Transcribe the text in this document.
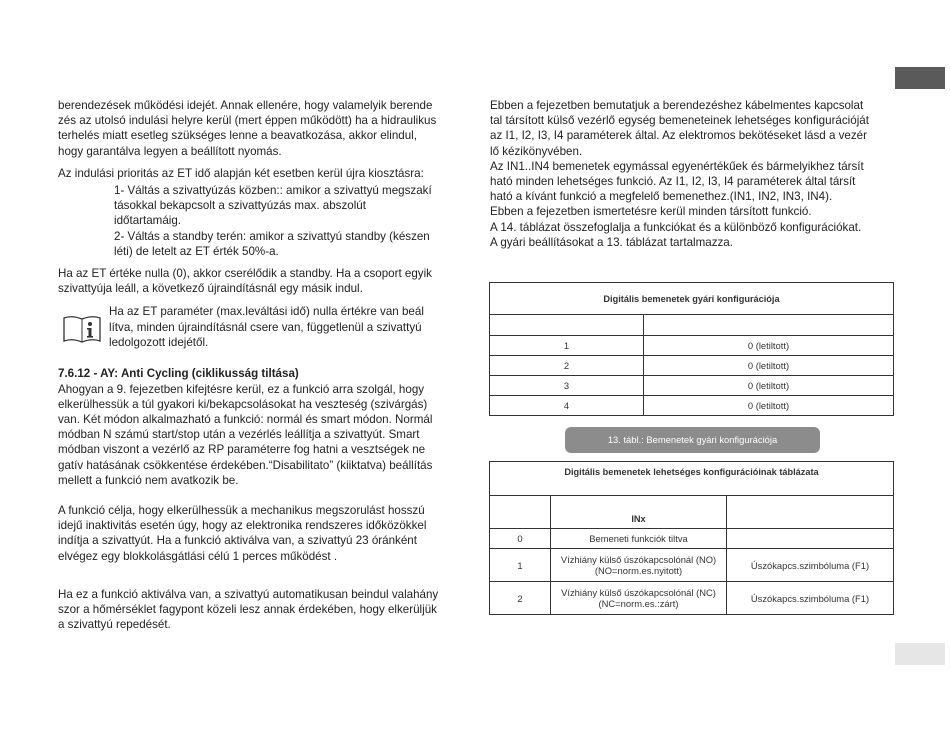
berendezések működési idejét. Annak ellenére, hogy valamelyik berende
zés az utolsó indulási helyre kerül (mert éppen működött) ha a hidraulikus
terhelés miatt esetleg szükséges lenne a beavatkozása, akkor elindul,
hogy garantálva legyen a beállított nyomás.

Az indulási prioritás az ET idő alapján két esetben kerül újra kiosztásra:

1- Váltás a szivattyúzás közben:: amikor a szivattyú megszakí
tásokkal bekapcsolt a szivattyúzás max. abszolút
időtartamáig.
2- Váltás a standby terén: amikor a szivattyú standby (készen
léti) de letelt az ET érték 50%-a.

Ha az ET értéke nulla (0), akkor cserélődik a standby. Ha a csoport egyik
szivattyúja leáll, a következő újraindításnál egy másik indul.

Ha az ET paraméter (max.leváltási idő) nulla értékre van beál
lítva, minden újraindításnál csere van, függetlenül a szivattyú
ledolgozott idejétől.

7.6.12 - AY: Anti Cycling (ciklikusság tiltása)

Ahogyan a 9. fejezetben kifejtésre kerül, ez a funkció arra szolgál, hogy
elkerülhessük a túl gyakori ki/bekapcsolásokat ha veszteség (szivárgás)
van. Két módon alkalmazható a funkció: normál és smart módon. Normál
módban N számú start/stop után a vezérlés leállítja a szivattyút. Smart
módban viszont a vezérlő az RP paraméterre fog hatni a vesztségek ne
gatív hatásának csökkentése érdekében.“Disabilitato” (kiiktatva) beállítás
mellett a funkció nem avatkozik be.

A funkció célja, hogy elkerülhessük a mechanikus megszorulást hosszú
idejű inaktivitás esetén úgy, hogy az elektronika rendszeres időközökkel
indítja a szivattyút. Ha a funkció aktiválva van, a szivattyú 23 óránként
elvégez egy blokkolásgátlási célú 1 perces működést .

Ha ez a funkció aktiválva van, a szivattyú automatikusan beindul valahány
szor a hőmérséklet fagypont közeli lesz annak érdekében, hogy elkerüljük
a szivattyú repedését.

Ebben a fejezetben bemutatjuk a berendezéshez kábelmentes kapcsolat
tal társított külső vezérlő egység bemeneteinek lehetséges konfigurációját
az I1, I2, I3, I4 paraméterek által. Az elektromos bekötéseket lásd a vezér
lő kézikönyvében.
Az IN1..IN4 bemenetek egymással egyenértékűek és bármelyikhez társít
ható minden lehetséges funkció. Az I1, I2, I3, I4 paraméterek által társít
ható a kívánt funkció a megfelelő bemenethez.(IN1, IN2, IN3, IN4).
Ebben a fejezetben ismertetésre kerül minden társított funkció.
A 14. táblázat összefoglalja a funkciókat és a különböző konfigurációkat.
A gyári beállításokat a 13. táblázat tartalmazza.

Digitális bemenetek gyári konfigurációja	

1	0 (letiltott)
2	0 (letiltott)
3	0 (letiltott)
4	0 (letiltott)
13. tábl.: Bemenetek gyári konfigurációja
Digitális bemenetek lehetséges konfigurációinak táblázata		
	INx	
0	Bemeneti funkciók tiltva	
1	Vízhiány külső úszókapcsolónál (NO) (NO=norm.es.nyitott)	Úszókapcs.szimbóluma (F1)
2	Vízhiány külső úszókapcsolónál (NC)(NC=norm.es.:zárt)	Úszókapcs.szimbóluma (F1)
